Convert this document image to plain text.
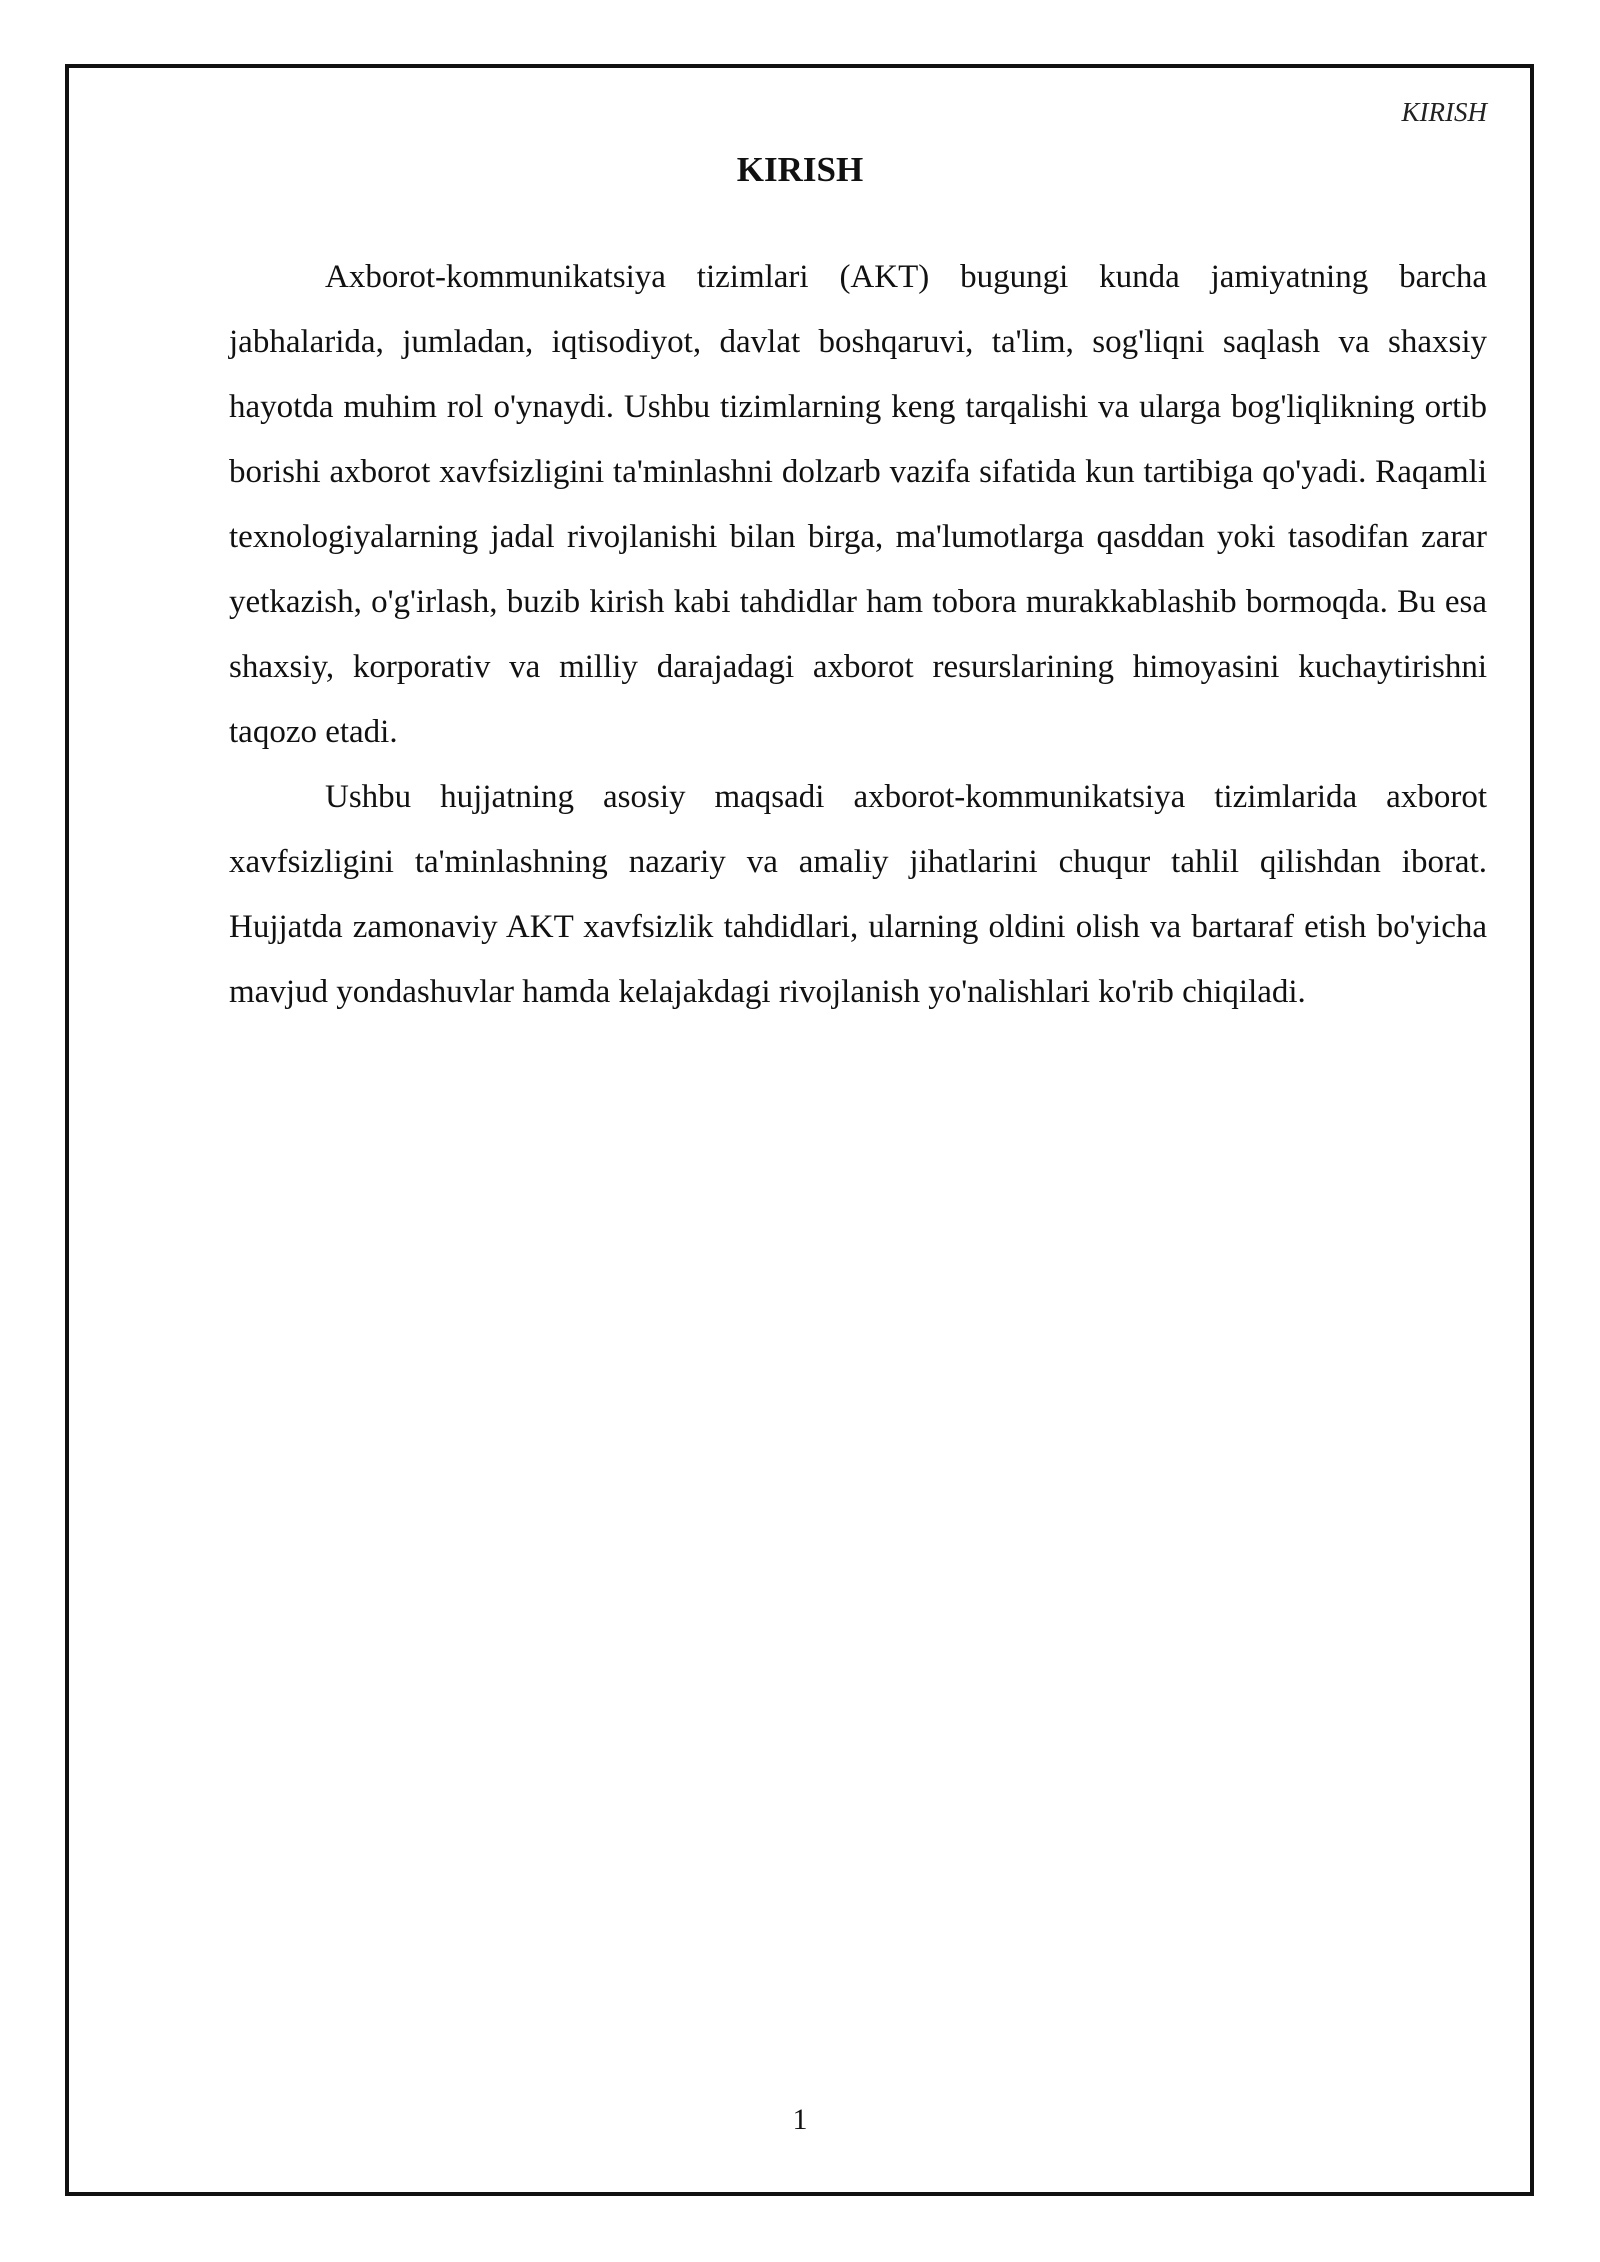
KIRISH
KIRISH

Axborot-kommunikatsiya tizimlari (AKT) bugungi kunda jamiyatning barcha jabhalarida, jumladan, iqtisodiyot, davlat boshqaruvi, ta'lim, sog'liqni saqlash va shaxsiy hayotda muhim rol o'ynaydi. Ushbu tizimlarning keng tarqalishi va ularga bog'liqlikning ortib borishi axborot xavfsizligini ta'minlashni dolzarb vazifa sifatida kun tartibiga qo'yadi. Raqamli texnologiyalarning jadal rivojlanishi bilan birga, ma'lumotlarga qasddan yoki tasodifan zarar yetkazish, o'g'irlash, buzib kirish kabi tahdidlar ham tobora murakkablashib bormoqda. Bu esa shaxsiy, korporativ va milliy darajadagi axborot resurslarining himoyasini kuchaytirishni taqozo etadi.

Ushbu hujjatning asosiy maqsadi axborot-kommunikatsiya tizimlarida axborot xavfsizligini ta'minlashning nazariy va amaliy jihatlarini chuqur tahlil qilishdan iborat. Hujjatda zamonaviy AKT xavfsizlik tahdidlari, ularning oldini olish va bartaraf etish bo'yicha mavjud yondashuvlar hamda kelajakdagi rivojlanish yo'nalishlari ko'rib chiqiladi.

1
